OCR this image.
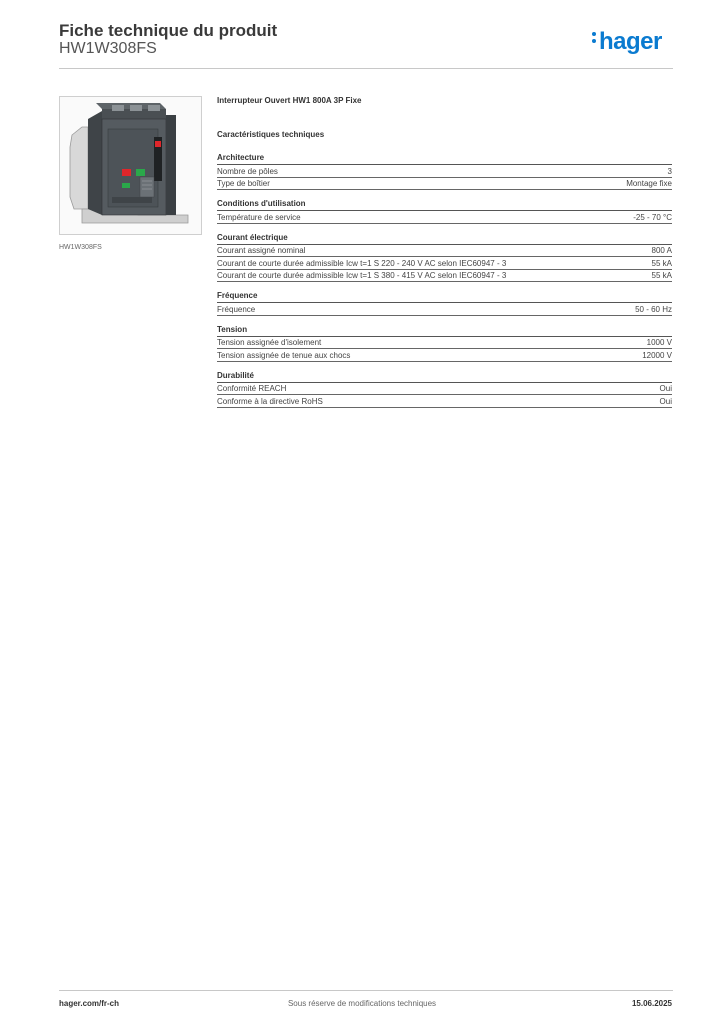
Fiche technique du produit
HW1W308FS	hager
HW1W308FS
Interrupteur Ouvert HW1 800A 3P Fixe
Caractéristiques techniques
Architecture
Nombre de pôles	3
Type de boîtier	Montage fixe
Conditions d'utilisation
Température de service	-25 - 70 °C
Courant électrique
Courant assigné nominal	800 A
Courant de courte durée admissible Icw t=1 S 220 - 240 V AC selon IEC60947 - 3	55 kA
Courant de courte durée admissible Icw t=1 S 380 - 415 V AC selon IEC60947 - 3	55 kA
Fréquence
Fréquence	50 - 60 Hz
Tension
Tension assignée d'isolement	1000 V
Tension assignée de tenue aux chocs	12000 V
Durabilité
Conformité REACH	Oui
Conforme à la directive RoHS	Oui
hager.com/fr-ch	Sous réserve de modifications techniques	15.06.2025
